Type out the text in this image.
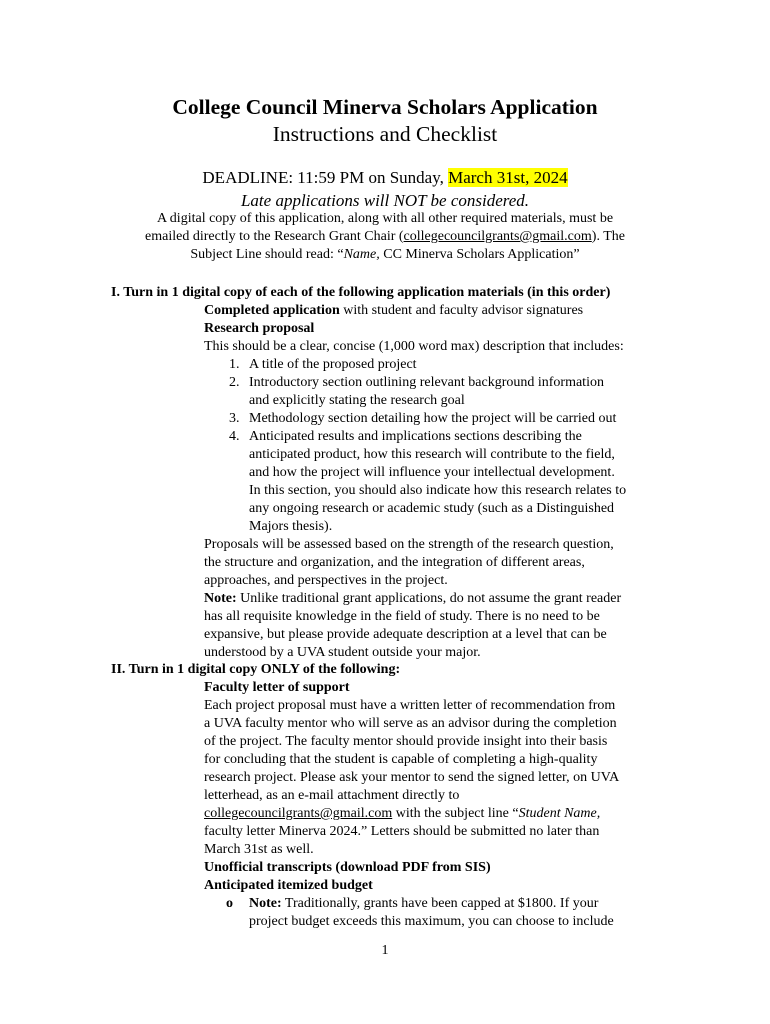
College Council Minerva Scholars Application
Instructions and Checklist
DEADLINE: 11:59 PM on Sunday, March 31st, 2024
Late applications will NOT be considered.
A digital copy of this application, along with all other required materials, must be
emailed directly to the Research Grant Chair (collegecouncilgrants@gmail.com). The
Subject Line should read: “Name, CC Minerva Scholars Application”
I. Turn in 1 digital copy of each of the following application materials (in this order)
Completed application with student and faculty advisor signatures
Research proposal
This should be a clear, concise (1,000 word max) description that includes:
1. A title of the proposed project
2. Introductory section outlining relevant background information
and explicitly stating the research goal
3. Methodology section detailing how the project will be carried out
4. Anticipated results and implications sections describing the
anticipated product, how this research will contribute to the field,
and how the project will influence your intellectual development.
In this section, you should also indicate how this research relates to
any ongoing research or academic study (such as a Distinguished
Majors thesis).
Proposals will be assessed based on the strength of the research question,
the structure and organization, and the integration of different areas,
approaches, and perspectives in the project.
Note: Unlike traditional grant applications, do not assume the grant reader
has all requisite knowledge in the field of study. There is no need to be
expansive, but please provide adequate description at a level that can be
understood by a UVA student outside your major.
II. Turn in 1 digital copy ONLY of the following:
Faculty letter of support
Each project proposal must have a written letter of recommendation from
a UVA faculty mentor who will serve as an advisor during the completion
of the project. The faculty mentor should provide insight into their basis
for concluding that the student is capable of completing a high-quality
research project. Please ask your mentor to send the signed letter, on UVA
letterhead, as an e-mail attachment directly to
collegecouncilgrants@gmail.com with the subject line “Student Name,
faculty letter Minerva 2024.” Letters should be submitted no later than
March 31st as well.
Unofficial transcripts (download PDF from SIS)
Anticipated itemized budget
o Note: Traditionally, grants have been capped at $1800. If your
project budget exceeds this maximum, you can choose to include
1
